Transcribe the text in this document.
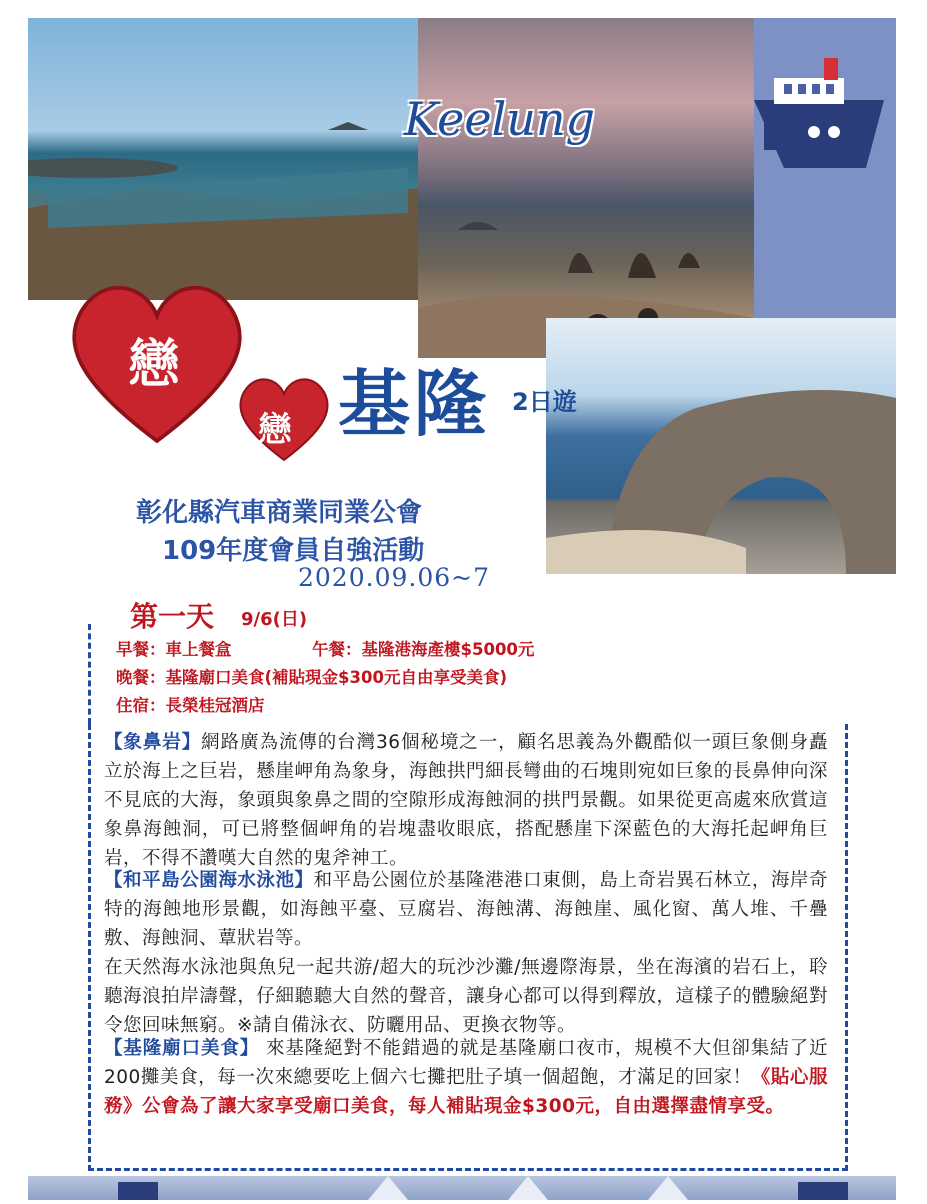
Keelung
戀
戀 基隆 2日遊
彰化縣汽車商業同業公會
109年度會員自強活動
2020.09.06~7
第一天 9/6(日)
早餐：車上餐盒	午餐：基隆港海產樓$5000元
晚餐：基隆廟口美食(補貼現金$300元自由享受美食)
住宿：長榮桂冠酒店
【象鼻岩】網路廣為流傳的台灣36個秘境之一，顧名思義為外觀酷似一頭巨象側身矗立於海上之巨岩，懸崖岬角為象身，海蝕拱門細長彎曲的石塊則宛如巨象的長鼻伸向深不見底的大海，象頭與象鼻之間的空隙形成海蝕洞的拱門景觀。如果從更高處來欣賞這象鼻海蝕洞，可已將整個岬角的岩塊盡收眼底，搭配懸崖下深藍色的大海托起岬角巨岩，不得不讚嘆大自然的鬼斧神工。
【和平島公園海水泳池】和平島公園位於基隆港港口東側，島上奇岩異石林立，海岸奇特的海蝕地形景觀，如海蝕平臺、豆腐岩、海蝕溝、海蝕崖、風化窗、萬人堆、千疊敷、海蝕洞、蕈狀岩等。
在天然海水泳池與魚兒一起共游/超大的玩沙沙灘/無邊際海景，坐在海濱的岩石上，聆聽海浪拍岸濤聲，仔細聽聽大自然的聲音，讓身心都可以得到釋放，這樣子的體驗絕對令您回味無窮。※請自備泳衣、防曬用品、更換衣物等。
【基隆廟口美食】 來基隆絕對不能錯過的就是基隆廟口夜市，規模不大但卻集結了近200攤美食，每一次來總要吃上個六七攤把肚子填一個超飽，才滿足的回家！《貼心服務》公會為了讓大家享受廟口美食，每人補貼現金$300元，自由選擇盡情享受。
